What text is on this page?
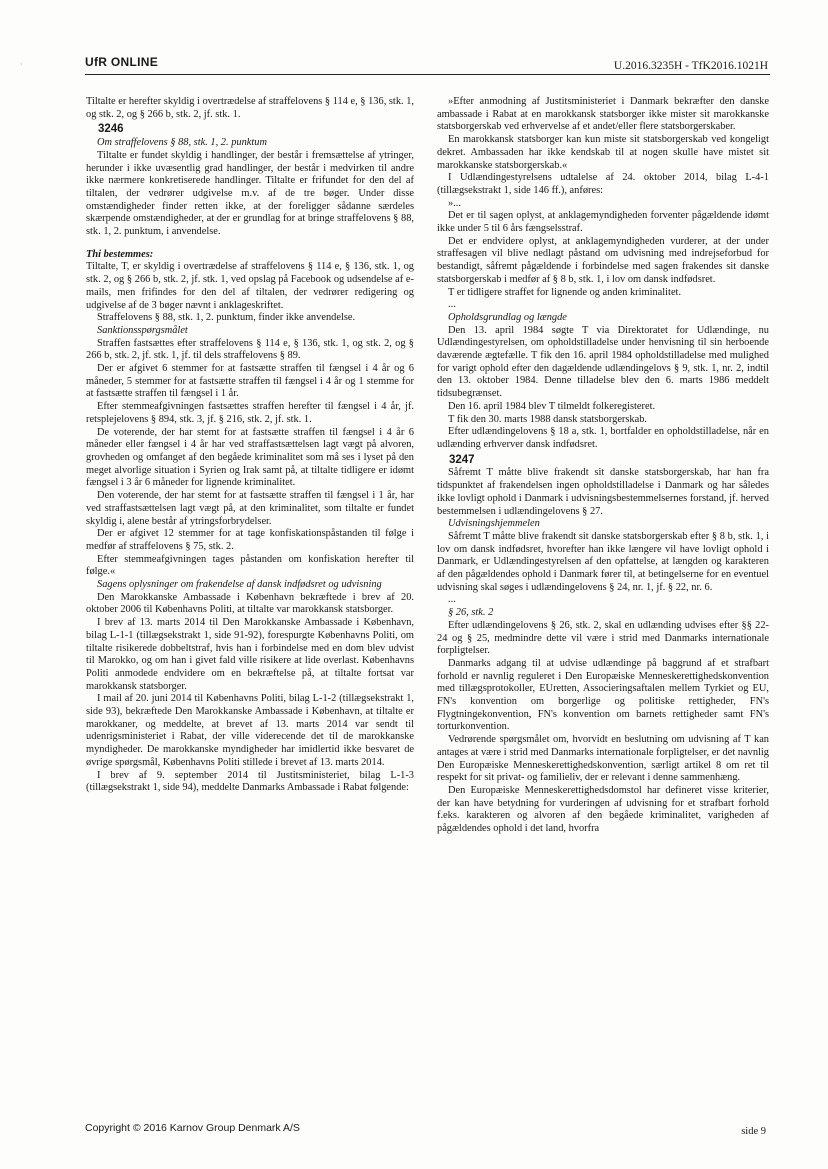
·	UfR ONLINE	U.2016.3235H - TfK2016.1021H

Tiltalte er herefter skyldig i overtrædelse af straffelovens § 114 e, § 136, stk. 1, og stk. 2, og § 266 b, stk. 2, jf. stk. 1.

3246

Om straffelovens § 88, stk. 1, 2. punktum

Tiltalte er fundet skyldig i handlinger, der består i fremsættelse af ytringer, herunder i ikke uvæsentlig grad handlinger, der består i medvirken til andre ikke nærmere konkretiserede handlinger. Tiltalte er frifundet for den del af tiltalen, der vedrører udgivelse m.v. af de tre bøger. Under disse omstændigheder finder retten ikke, at der foreligger sådanne særdeles skærpende omstændigheder, at der er grundlag for at bringe straffelovens § 88, stk. 1, 2. punktum, i anvendelse.

Thi bestemmes:

Tiltalte, T, er skyldig i overtrædelse af straffelovens § 114 e, § 136, stk. 1, og stk. 2, og § 266 b, stk. 2, jf. stk. 1, ved opslag på Facebook og udsendelse af e-mails, men frifindes for den del af tiltalen, der vedrører redigering og udgivelse af de 3 bøger nævnt i anklageskriftet.

Straffelovens § 88, stk. 1, 2. punktum, finder ikke anvendelse.

Sanktionsspørgsmålet

Straffen fastsættes efter straffelovens § 114 e, § 136, stk. 1, og stk. 2, og § 266 b, stk. 2, jf. stk. 1, jf. til dels straffelovens § 89.

Der er afgivet 6 stemmer for at fastsætte straffen til fængsel i 4 år og 6 måneder, 5 stemmer for at fastsætte straffen til fængsel i 4 år og 1 stemme for at fastsætte straffen til fængsel i 1 år.

Efter stemmeafgivningen fastsættes straffen herefter til fængsel i 4 år, jf. retsplejelovens § 894, stk. 3, jf. § 216, stk. 2, jf. stk. 1.

De voterende, der har stemt for at fastsætte straffen til fængsel i 4 år 6 måneder eller fængsel i 4 år har ved straffastsættelsen lagt vægt på alvoren, grovheden og omfanget af den begåede kriminalitet som må ses i lyset på den meget alvorlige situation i Syrien og Irak samt på, at tiltalte tidligere er idømt fængsel i 3 år 6 måneder for lignende kriminalitet.

Den voterende, der har stemt for at fastsætte straffen til fængsel i 1 år, har ved straffastsættelsen lagt vægt på, at den kriminalitet, som tiltalte er fundet skyldig i, alene består af ytringsforbrydelser.

Der er afgivet 12 stemmer for at tage konfiskationspåstanden til følge i medfør af straffelovens § 75, stk. 2.

Efter stemmeafgivningen tages påstanden om konfiskation herefter til følge.«

Sagens oplysninger om frakendelse af dansk indfødsret og udvisning

Den Marokkanske Ambassade i København bekræftede i brev af 20. oktober 2006 til Københavns Politi, at tiltalte var marokkansk statsborger.

I brev af 13. marts 2014 til Den Marokkanske Ambassade i København, bilag L-1-1 (tillægsekstrakt 1, side 91-92), forespurgte Københavns Politi, om tiltalte risikerede dobbeltstraf, hvis han i forbindelse med en dom blev udvist til Marokko, og om han i givet fald ville risikere at lide overlast. Københavns Politi anmodede endvidere om en bekræftelse på, at tiltalte fortsat var marokkansk statsborger.

I mail af 20. juni 2014 til Københavns Politi, bilag L-1-2 (tillægsekstrakt 1, side 93), bekræftede Den Marokkanske Ambassade i København, at tiltalte er marokkaner, og meddelte, at brevet af 13. marts 2014 var sendt til udenrigsministeriet i Rabat, der ville viderесende det til de marokkanske myndigheder. De marokkanske myndigheder har imidlertid ikke besvaret de øvrige spørgsmål, Københavns Politi stillede i brevet af 13. marts 2014.

I brev af 9. september 2014 til Justitsministeriet, bilag L-1-3 (tillægsekstrakt 1, side 94), meddelte Danmarks Ambassade i Rabat følgende:

»Efter anmodning af Justitsministeriet i Danmark bekræfter den danske ambassade i Rabat at en marokkansk statsborger ikke mister sit marokkanske statsborgerskab ved erhvervelse af et andet/eller flere statsborgerskaber.

En marokkansk statsborger kan kun miste sit statsborgerskab ved kongeligt dekret. Ambassaden har ikke kendskab til at nogen skulle have mistet sit marokkanske statsborgerskab.«

I Udlændingestyrelsens udtalelse af 24. oktober 2014, bilag L-4-1 (tillægsekstrakt 1, side 146 ff.), anføres:

»...

Det er til sagen oplyst, at anklagemyndigheden forventer pågældende idømt ikke under 5 til 6 års fængselsstraf.

Det er endvidere oplyst, at anklagemyndigheden vurderer, at der under straffesagen vil blive nedlagt påstand om udvisning med indrejseforbud for bestandigt, såfremt pågældende i forbindelse med sagen frakendes sit danske statsborgerskab i medfør af § 8 b, stk. 1, i lov om dansk indfødsret.

T er tidligere straffet for lignende og anden kriminalitet.

...

Opholdsgrundlag og længde

Den 13. april 1984 søgte T via Direktoratet for Udlændinge, nu Udlændingestyrelsen, om opholdstilladelse under henvisning til sin herboende daværende ægtefælle. T fik den 16. april 1984 opholdstilladelse med mulighed for varigt ophold efter den dagældende udlændingelovs § 9, stk. 1, nr. 2, indtil den 13. oktober 1984. Denne tilladelse blev den 6. marts 1986 meddelt tidsubegrænset.

Den 16. april 1984 blev T tilmeldt folkeregisteret.

T fik den 30. marts 1988 dansk statsborgerskab.

Efter udlændingelovens § 18 a, stk. 1, bortfalder en opholdstilladelse, når en udlænding erhverver dansk indfødsret.

3247

Såfremt T måtte blive frakendt sit danske statsborgerskab, har han fra tidspunktet af frakendelsen ingen opholdstilladelse i Danmark og har således ikke lovligt ophold i Danmark i udvisningsbestemmelsernes forstand, jf. herved bestemmelsen i udlændingelovens § 27.

Udvisningshjemmelen

Såfremt T måtte blive frakendt sit danske statsborgerskab efter § 8 b, stk. 1, i lov om dansk indfødsret, hvorefter han ikke længere vil have lovligt ophold i Danmark, er Udlændingestyrelsen af den opfattelse, at længden og karakteren af den pågældendes ophold i Danmark fører til, at betingelserne for en eventuel udvisning skal søges i udlændingelovens § 24, nr. 1, jf. § 22, nr. 6.

...

§ 26, stk. 2

Efter udlændingelovens § 26, stk. 2, skal en udlænding udvises efter §§ 22-24 og § 25, medmindre dette vil være i strid med Danmarks internationale forpligtelser.

Danmarks adgang til at udvise udlændinge på baggrund af et strafbart forhold er navnlig reguleret i Den Europæiske Menneskerettighedskonvention med tillægsprotokoller, EUretten, Associeringsaftalen mellem Tyrkiet og EU, FN's konvention om borgerlige og politiske rettigheder, FN's Flygtningekonvention, FN's konvention om barnets rettigheder samt FN's torturkonvention.

Vedrørende spørgsmålet om, hvorvidt en beslutning om udvisning af T kan antages at være i strid med Danmarks internationale forpligtelser, er det navnlig Den Europæiske Menneskerettighedskonvention, særligt artikel 8 om ret til respekt for sit privat- og familieliv, der er relevant i denne sammenhæng.

Den Europæiske Menneskerettighedsdomstol har defineret visse kriterier, der kan have betydning for vurderingen af udvisning for et strafbart forhold f.eks. karakteren og alvoren af den begåede kriminalitet, varigheden af pågældendes ophold i det land, hvorfra

Copyright © 2016 Karnov Group Denmark A/S	side 9
